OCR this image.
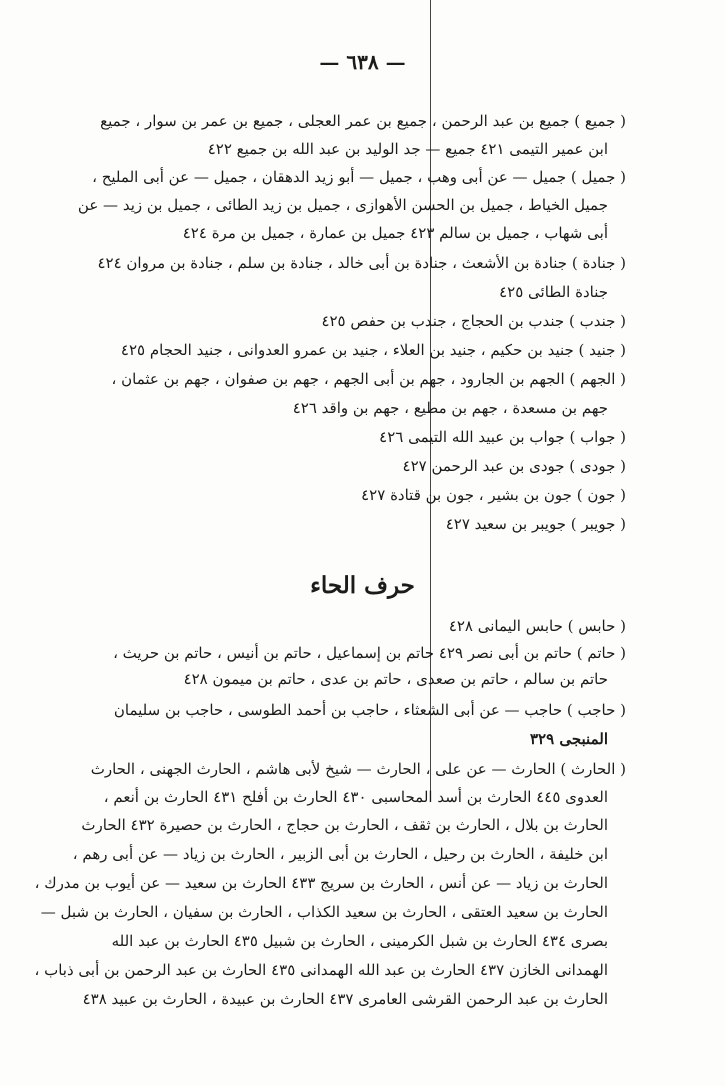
— ٦٣٨ —
( جميع ) جميع بن عبد الرحمن ، جميع بن عمر العجلى ، جميع بن عمر بن سوار ، جميع
ابن عمير التيمى ٤٢١ جميع — جد الوليد بن عبد الله بن جميع ٤٢٢
( جميل ) جميل — عن أبى وهب ، جميل — أبو زيد الدهقان ، جميل — عن أبى المليح ،
جميل الخياط ، جميل بن الحسن الأهوازى ، جميل بن زيد الطائى ، جميل بن زيد — عن
أبى شهاب ، جميل بن سالم ٤٢٣ جميل بن عمارة ، جميل بن مرة ٤٢٤
( جنادة ) جنادة بن الأشعث ، جنادة بن أبى خالد ، جنادة بن سلم ، جنادة بن مروان ٤٢٤
جنادة الطائى ٤٢٥
( جندب ) جندب بن الحجاج ، جندب بن حفص ٤٢٥
( جنيد ) جنيد بن حكيم ، جنيد بن العلاء ، جنيد بن عمرو العدوانى ، جنيد الحجام ٤٢٥
( الجهم ) الجهم بن الجارود ، جهم بن أبى الجهم ، جهم بن صفوان ، جهم بن عثمان ،
جهم بن مسعدة ، جهم بن مطيع ، جهم بن واقد ٤٢٦
( جواب ) جواب بن عبيد الله التيمى ٤٢٦
( جودى ) جودى بن عبد الرحمن ٤٢٧
( جون ) جون بن بشير ، جون بن قتادة ٤٢٧
( جويبر ) جويبر بن سعيد ٤٢٧
حرف الحاء
( حابس ) حابس اليمانى ٤٢٨
( حاتم ) حاتم بن أبى نصر ٤٢٩ حاتم بن إسماعيل ، حاتم بن أنيس ، حاتم بن حريث ،
حاتم بن سالم ، حاتم بن صعدى ، حاتم بن عدى ، حاتم بن ميمون ٤٢٨
( حاجب ) حاجب — عن أبى الشعثاء ، حاجب بن أحمد الطوسى ، حاجب بن سليمان
المنبجى ٣٢٩
( الحارث ) الحارث — عن على ، الحارث — شيخ لأبى هاشم ، الحارث الجهنى ، الحارث
العدوى ٤٤٥ الحارث بن أسد المحاسبى ٤٣٠ الحارث بن أفلح ٤٣١ الحارث بن أنعم ،
الحارث بن بلال ، الحارث بن ثقف ، الحارث بن حجاج ، الحارث بن حصيرة ٤٣٢ الحارث
ابن خليفة ، الحارث بن رحيل ، الحارث بن أبى الزبير ، الحارث بن زياد — عن أبى رهم ،
الحارث بن زياد — عن أنس ، الحارث بن سريج ٤٣٣ الحارث بن سعيد — عن أيوب بن مدرك ،
الحارث بن سعيد العتقى ، الحارث بن سعيد الكذاب ، الحارث بن سفيان ، الحارث بن شبل —
بصرى ٤٣٤ الحارث بن شبل الكرمينى ، الحارث بن شبيل ٤٣٥ الحارث بن عبد الله
الهمدانى الخازن ٤٣٧ الحارث بن عبد الله الهمدانى ٤٣٥ الحارث بن عبد الرحمن بن أبى ذباب ،
الحارث بن عبد الرحمن القرشى العامرى ٤٣٧ الحارث بن عبيدة ، الحارث بن عبيد ٤٣٨
